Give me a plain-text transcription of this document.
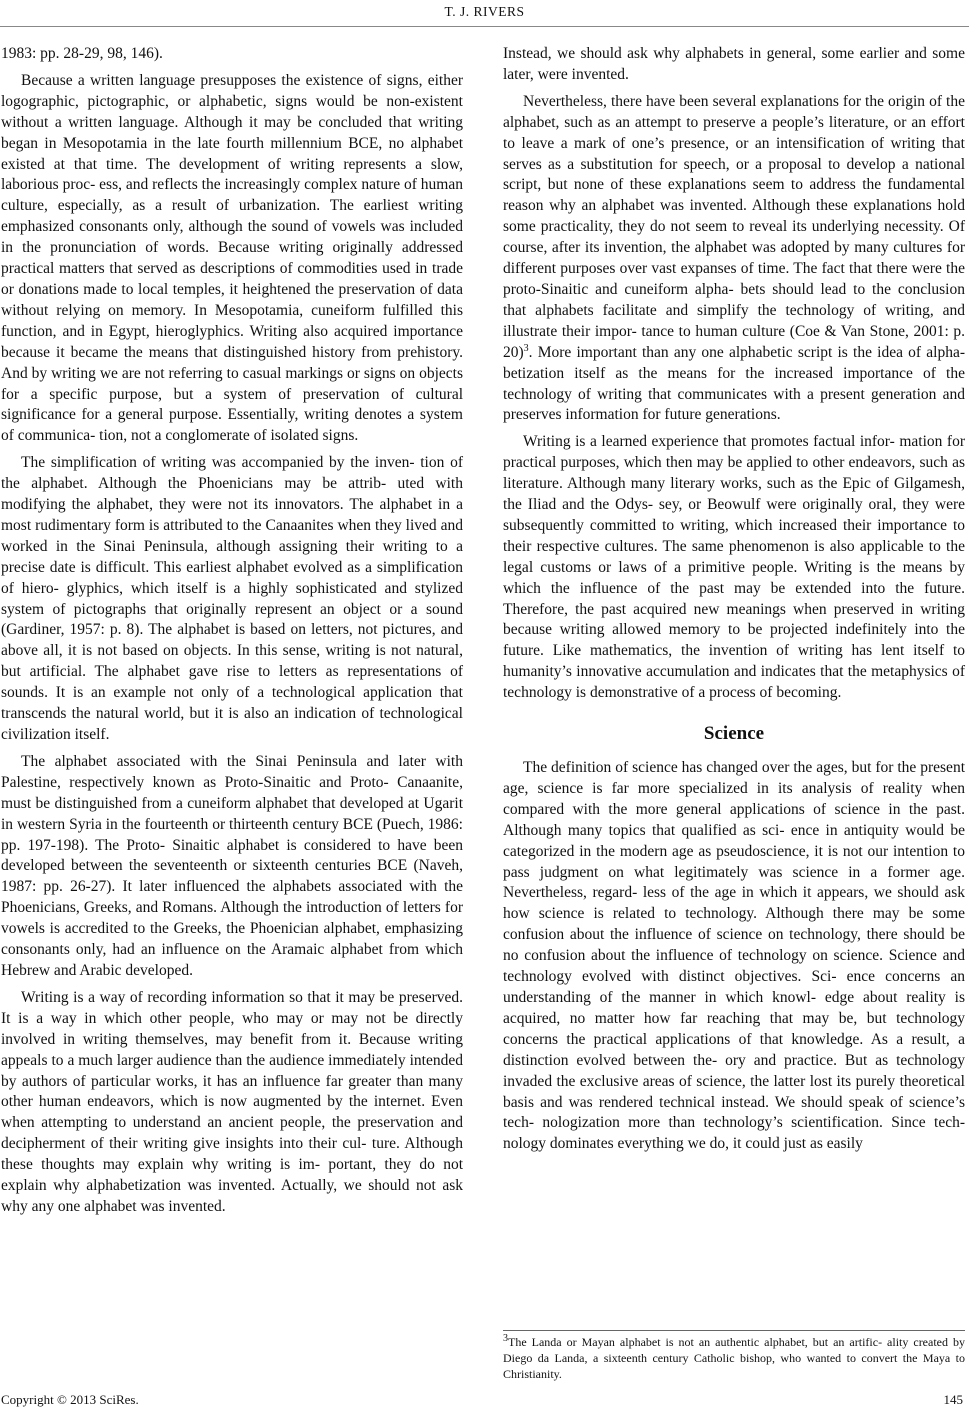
T. J. RIVERS

1983: pp. 28-29, 98, 146).

Because a written language presupposes the existence of signs, either logographic, pictographic, or alphabetic, signs would be non-existent without a written language. Although it may be concluded that writing began in Mesopotamia in the late fourth millennium BCE, no alphabet existed at that time. The development of writing represents a slow, laborious proc- ess, and reflects the increasingly complex nature of human culture, especially, as a result of urbanization. The earliest writing emphasized consonants only, although the sound of vowels was included in the pronunciation of words. Because writing originally addressed practical matters that served as descriptions of commodities used in trade or donations made to local temples, it heightened the preservation of data without relying on memory. In Mesopotamia, cuneiform fulfilled this function, and in Egypt, hieroglyphics. Writing also acquired importance because it became the means that distinguished history from prehistory. And by writing we are not referring to casual markings or signs on objects for a specific purpose, but a system of preservation of cultural significance for a general purpose. Essentially, writing denotes a system of communica- tion, not a conglomerate of isolated signs.

The simplification of writing was accompanied by the inven- tion of the alphabet. Although the Phoenicians may be attrib- uted with modifying the alphabet, they were not its innovators. The alphabet in a most rudimentary form is attributed to the Canaanites when they lived and worked in the Sinai Peninsula, although assigning their writing to a precise date is difficult. This earliest alphabet evolved as a simplification of hiero- glyphics, which itself is a highly sophisticated and stylized system of pictographs that originally represent an object or a sound (Gardiner, 1957: p. 8). The alphabet is based on letters, not pictures, and above all, it is not based on objects. In this sense, writing is not natural, but artificial. The alphabet gave rise to letters as representations of sounds. It is an example not only of a technological application that transcends the natural world, but it is also an indication of technological civilization itself.

The alphabet associated with the Sinai Peninsula and later with Palestine, respectively known as Proto-Sinaitic and Proto- Canaanite, must be distinguished from a cuneiform alphabet that developed at Ugarit in western Syria in the fourteenth or thirteenth century BCE (Puech, 1986: pp. 197-198). The Proto- Sinaitic alphabet is considered to have been developed between the seventeenth or sixteenth centuries BCE (Naveh, 1987: pp. 26-27). It later influenced the alphabets associated with the Phoenicians, Greeks, and Romans. Although the introduction of letters for vowels is accredited to the Greeks, the Phoenician alphabet, emphasizing consonants only, had an influence on the Aramaic alphabet from which Hebrew and Arabic developed.

Writing is a way of recording information so that it may be preserved. It is a way in which other people, who may or may not be directly involved in writing themselves, may benefit from it. Because writing appeals to a much larger audience than the audience immediately intended by authors of particular works, it has an influence far greater than many other human endeavors, which is now augmented by the internet. Even when attempting to understand an ancient people, the preservation and decipherment of their writing give insights into their cul- ture. Although these thoughts may explain why writing is im- portant, they do not explain why alphabetization was invented. Actually, we should not ask why any one alphabet was invented.

Instead, we should ask why alphabets in general, some earlier and some later, were invented.

Nevertheless, there have been several explanations for the origin of the alphabet, such as an attempt to preserve a people’s literature, or an effort to leave a mark of one’s presence, or an intensification of writing that serves as a substitution for speech, or a proposal to develop a national script, but none of these explanations seem to address the fundamental reason why an alphabet was invented. Although these explanations hold some practicality, they do not seem to reveal its underlying necessity. Of course, after its invention, the alphabet was adopted by many cultures for different purposes over vast expanses of time. The fact that there were the proto-Sinaitic and cuneiform alpha- bets should lead to the conclusion that alphabets facilitate and simplify the technology of writing, and illustrate their impor- tance to human culture (Coe & Van Stone, 2001: p. 20)$^3$. More important than any one alphabetic script is the idea of alpha- betization itself as the means for the increased importance of the technology of writing that communicates with a present generation and preserves information for future generations.

Writing is a learned experience that promotes factual infor- mation for practical purposes, which then may be applied to other endeavors, such as literature. Although many literary works, such as the Epic of Gilgamesh, the Iliad and the Odys- sey, or Beowulf were originally oral, they were subsequently committed to writing, which increased their importance to their respective cultures. The same phenomenon is also applicable to the legal customs or laws of a primitive people. Writing is the means by which the influence of the past may be extended into the future. Therefore, the past acquired new meanings when preserved in writing because writing allowed memory to be projected indefinitely into the future. Like mathematics, the invention of writing has lent itself to humanity’s innovative accumulation and indicates that the metaphysics of technology is demonstrative of a process of becoming.

Science

The definition of science has changed over the ages, but for the present age, science is far more specialized in its analysis of reality when compared with the more general applications of science in the past. Although many topics that qualified as sci- ence in antiquity would be categorized in the modern age as pseudoscience, it is not our intention to pass judgment on what legitimately was science in a former age. Nevertheless, regard- less of the age in which it appears, we should ask how science is related to technology. Although there may be some confusion about the influence of science on technology, there should be no confusion about the influence of technology on science. Science and technology evolved with distinct objectives. Sci- ence concerns an understanding of the manner in which knowl- edge about reality is acquired, no matter how far reaching that may be, but technology concerns the practical applications of that knowledge. As a result, a distinction evolved between the- ory and practice. But as technology invaded the exclusive areas of science, the latter lost its purely theoretical basis and was rendered technical instead. We should speak of science’s tech- nologization more than technology’s scientification. Since tech- nology dominates everything we do, it could just as easily

$^3$The Landa or Mayan alphabet is not an authentic alphabet, but an artific- ality created by Diego da Landa, a sixteenth century Catholic bishop, who wanted to convert the Maya to Christianity.
Copyright © 2013 SciRes.	145
